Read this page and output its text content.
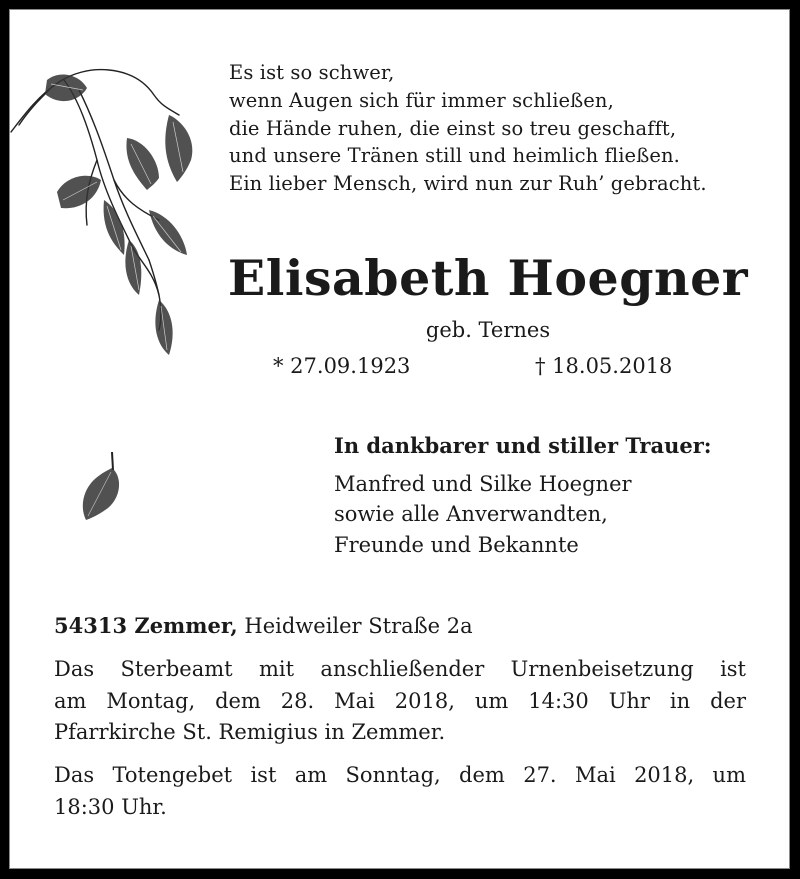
Es ist so schwer,
wenn Augen sich für immer schließen,
die Hände ruhen, die einst so treu geschafft,
und unsere Tränen still und heimlich fließen.
Ein lieber Mensch, wird nun zur Ruh’ gebracht.
Elisabeth Hoegner
geb. Ternes
* 27.09.1923	† 18.05.2018
In dankbarer und stiller Trauer:
Manfred und Silke Hoegner
sowie alle Anverwandten,
Freunde und Bekannte
54313 Zemmer, Heidweiler Straße 2a
Das Sterbeamt mit anschließender Urnenbeisetzung ist
am Montag, dem 28. Mai 2018, um 14:30 Uhr in der
Pfarrkirche St. Remigius in Zemmer.
Das Totengebet ist am Sonntag, dem 27. Mai 2018, um
18:30 Uhr.
